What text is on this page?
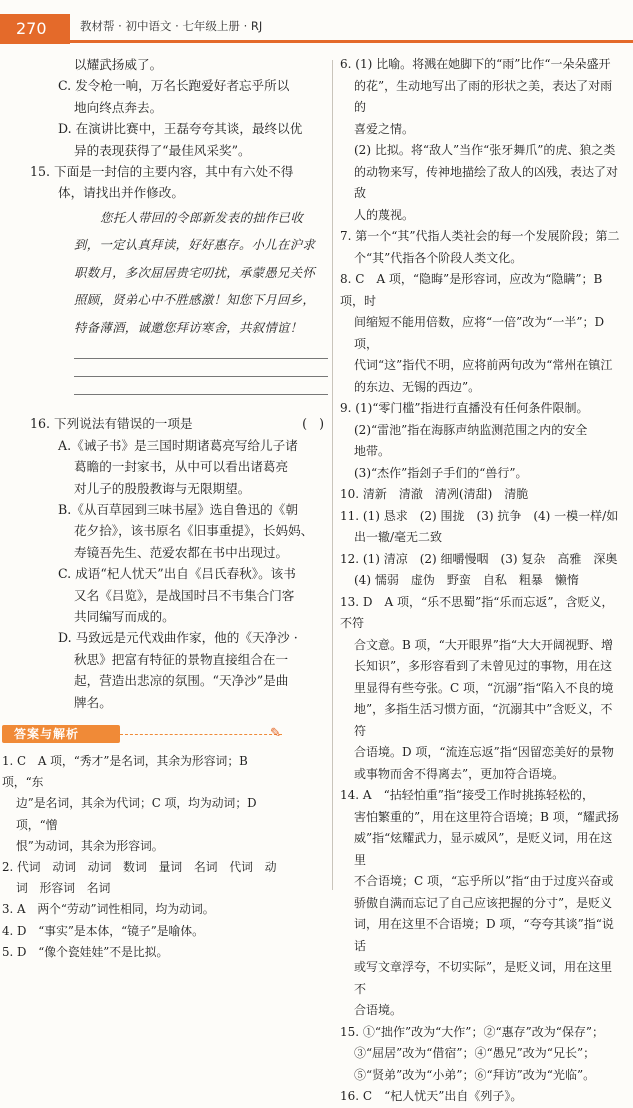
270	教材帮 · 初中语文 · 七年级上册 · RJ
以耀武扬威了。
C. 发令枪一响，万名长跑爱好者忘乎所以
地向终点奔去。
D. 在演讲比赛中，王磊夸夸其谈，最终以优
异的表现获得了“最佳风采奖”。
15. 下面是一封信的主要内容，其中有六处不得
体，请找出并作修改。
您托人带回的令郎新发表的拙作已收
到，一定认真拜读，好好惠存。小儿在沪求
职数月，多次屈居贵宅叨扰，承蒙愚兄关怀
照顾，贤弟心中不胜感激！知您下月回乡，
特备薄酒，诚邀您拜访寒舍，共叙情谊！
16. 下列说法有错误的一项是	( )
A.《诫子书》是三国时期诸葛亮写给儿子诸
葛瞻的一封家书，从中可以看出诸葛亮
对儿子的殷殷教诲与无限期望。
B.《从百草园到三味书屋》选自鲁迅的《朝
花夕拾》，该书原名《旧事重提》，长妈妈、
寿镜吾先生、范爱农都在书中出现过。
C. 成语“杞人忧天”出自《吕氏春秋》。该书
又名《吕览》，是战国时吕不韦集合门客
共同编写而成的。
D. 马致远是元代戏曲作家，他的《天净沙 ·
秋思》把富有特征的景物直接组合在一
起，营造出悲凉的氛围。“天净沙”是曲
牌名。
答案与解析	✎
1. C　A 项，“秀才”是名词，其余为形容词；B 项，“东
边”是名词，其余为代词；C 项，均为动词；D 项，“憎
恨”为动词，其余为形容词。
2. 代词　动词　动词　数词　量词　名词　代词　动
词　形容词　名词
3. A　两个“劳动”词性相同，均为动词。
4. D　“事实”是本体，“镜子”是喻体。
5. D　“像个瓷娃娃”不是比拟。
6. (1) 比喻。将溅在她脚下的“雨”比作“一朵朵盛开
的花”，生动地写出了雨的形状之美，表达了对雨的
喜爱之情。
(2) 比拟。将“敌人”当作“张牙舞爪”的虎、狼之类
的动物来写，传神地描绘了敌人的凶残，表达了对敌
人的蔑视。
7. 第一个“其”代指人类社会的每一个发展阶段；第二
个“其”代指各个阶段人类文化。
8. C　A 项，“隐晦”是形容词，应改为“隐瞒”；B 项，时
间缩短不能用倍数，应将“一倍”改为“一半”；D 项，
代词“这”指代不明，应将前两句改为“常州在镇江
的东边、无锡的西边”。
9. (1)“零门槛”指进行直播没有任何条件限制。
(2)“雷池”指在海豚声纳监测范围之内的安全
地带。
(3)“杰作”指刽子手们的“兽行”。
10. 清新　清澈　清冽(清甜)　清脆
11. (1) 恳求　(2) 围拢　(3) 抗争　(4) 一模一样/如
出一辙/毫无二致
12. (1) 清凉　(2) 细嚼慢咽　(3) 复杂　高雅　深奥
(4) 懦弱　虚伪　野蛮　自私　粗暴　懒惰
13. D　A 项，“乐不思蜀”指“乐而忘返”，含贬义，不符
合文意。B 项，“大开眼界”指“大大开阔视野、增
长知识”，多形容看到了未曾见过的事物，用在这
里显得有些夸张。C 项，“沉溺”指“陷入不良的境
地”，多指生活习惯方面，“沉溺其中”含贬义，不符
合语境。D 项，“流连忘返”指“因留恋美好的景物
或事物而舍不得离去”，更加符合语境。
14. A　“拈轻怕重”指“接受工作时挑拣轻松的，
害怕繁重的”，用在这里符合语境；B 项，“耀武扬
威”指“炫耀武力，显示威风”，是贬义词，用在这里
不合语境；C 项，“忘乎所以”指“由于过度兴奋或
骄傲自满而忘记了自己应该把握的分寸”，是贬义
词，用在这里不合语境；D 项，“夸夸其谈”指“说话
或写文章浮夸，不切实际”，是贬义词，用在这里不
合语境。
15. ①“拙作”改为“大作”；②“惠存”改为“保存”；
③“屈居”改为“借宿”；④“愚兄”改为“兄长”；
⑤“贤弟”改为“小弟”；⑥“拜访”改为“光临”。
16. C　“杞人忧天”出自《列子》。
